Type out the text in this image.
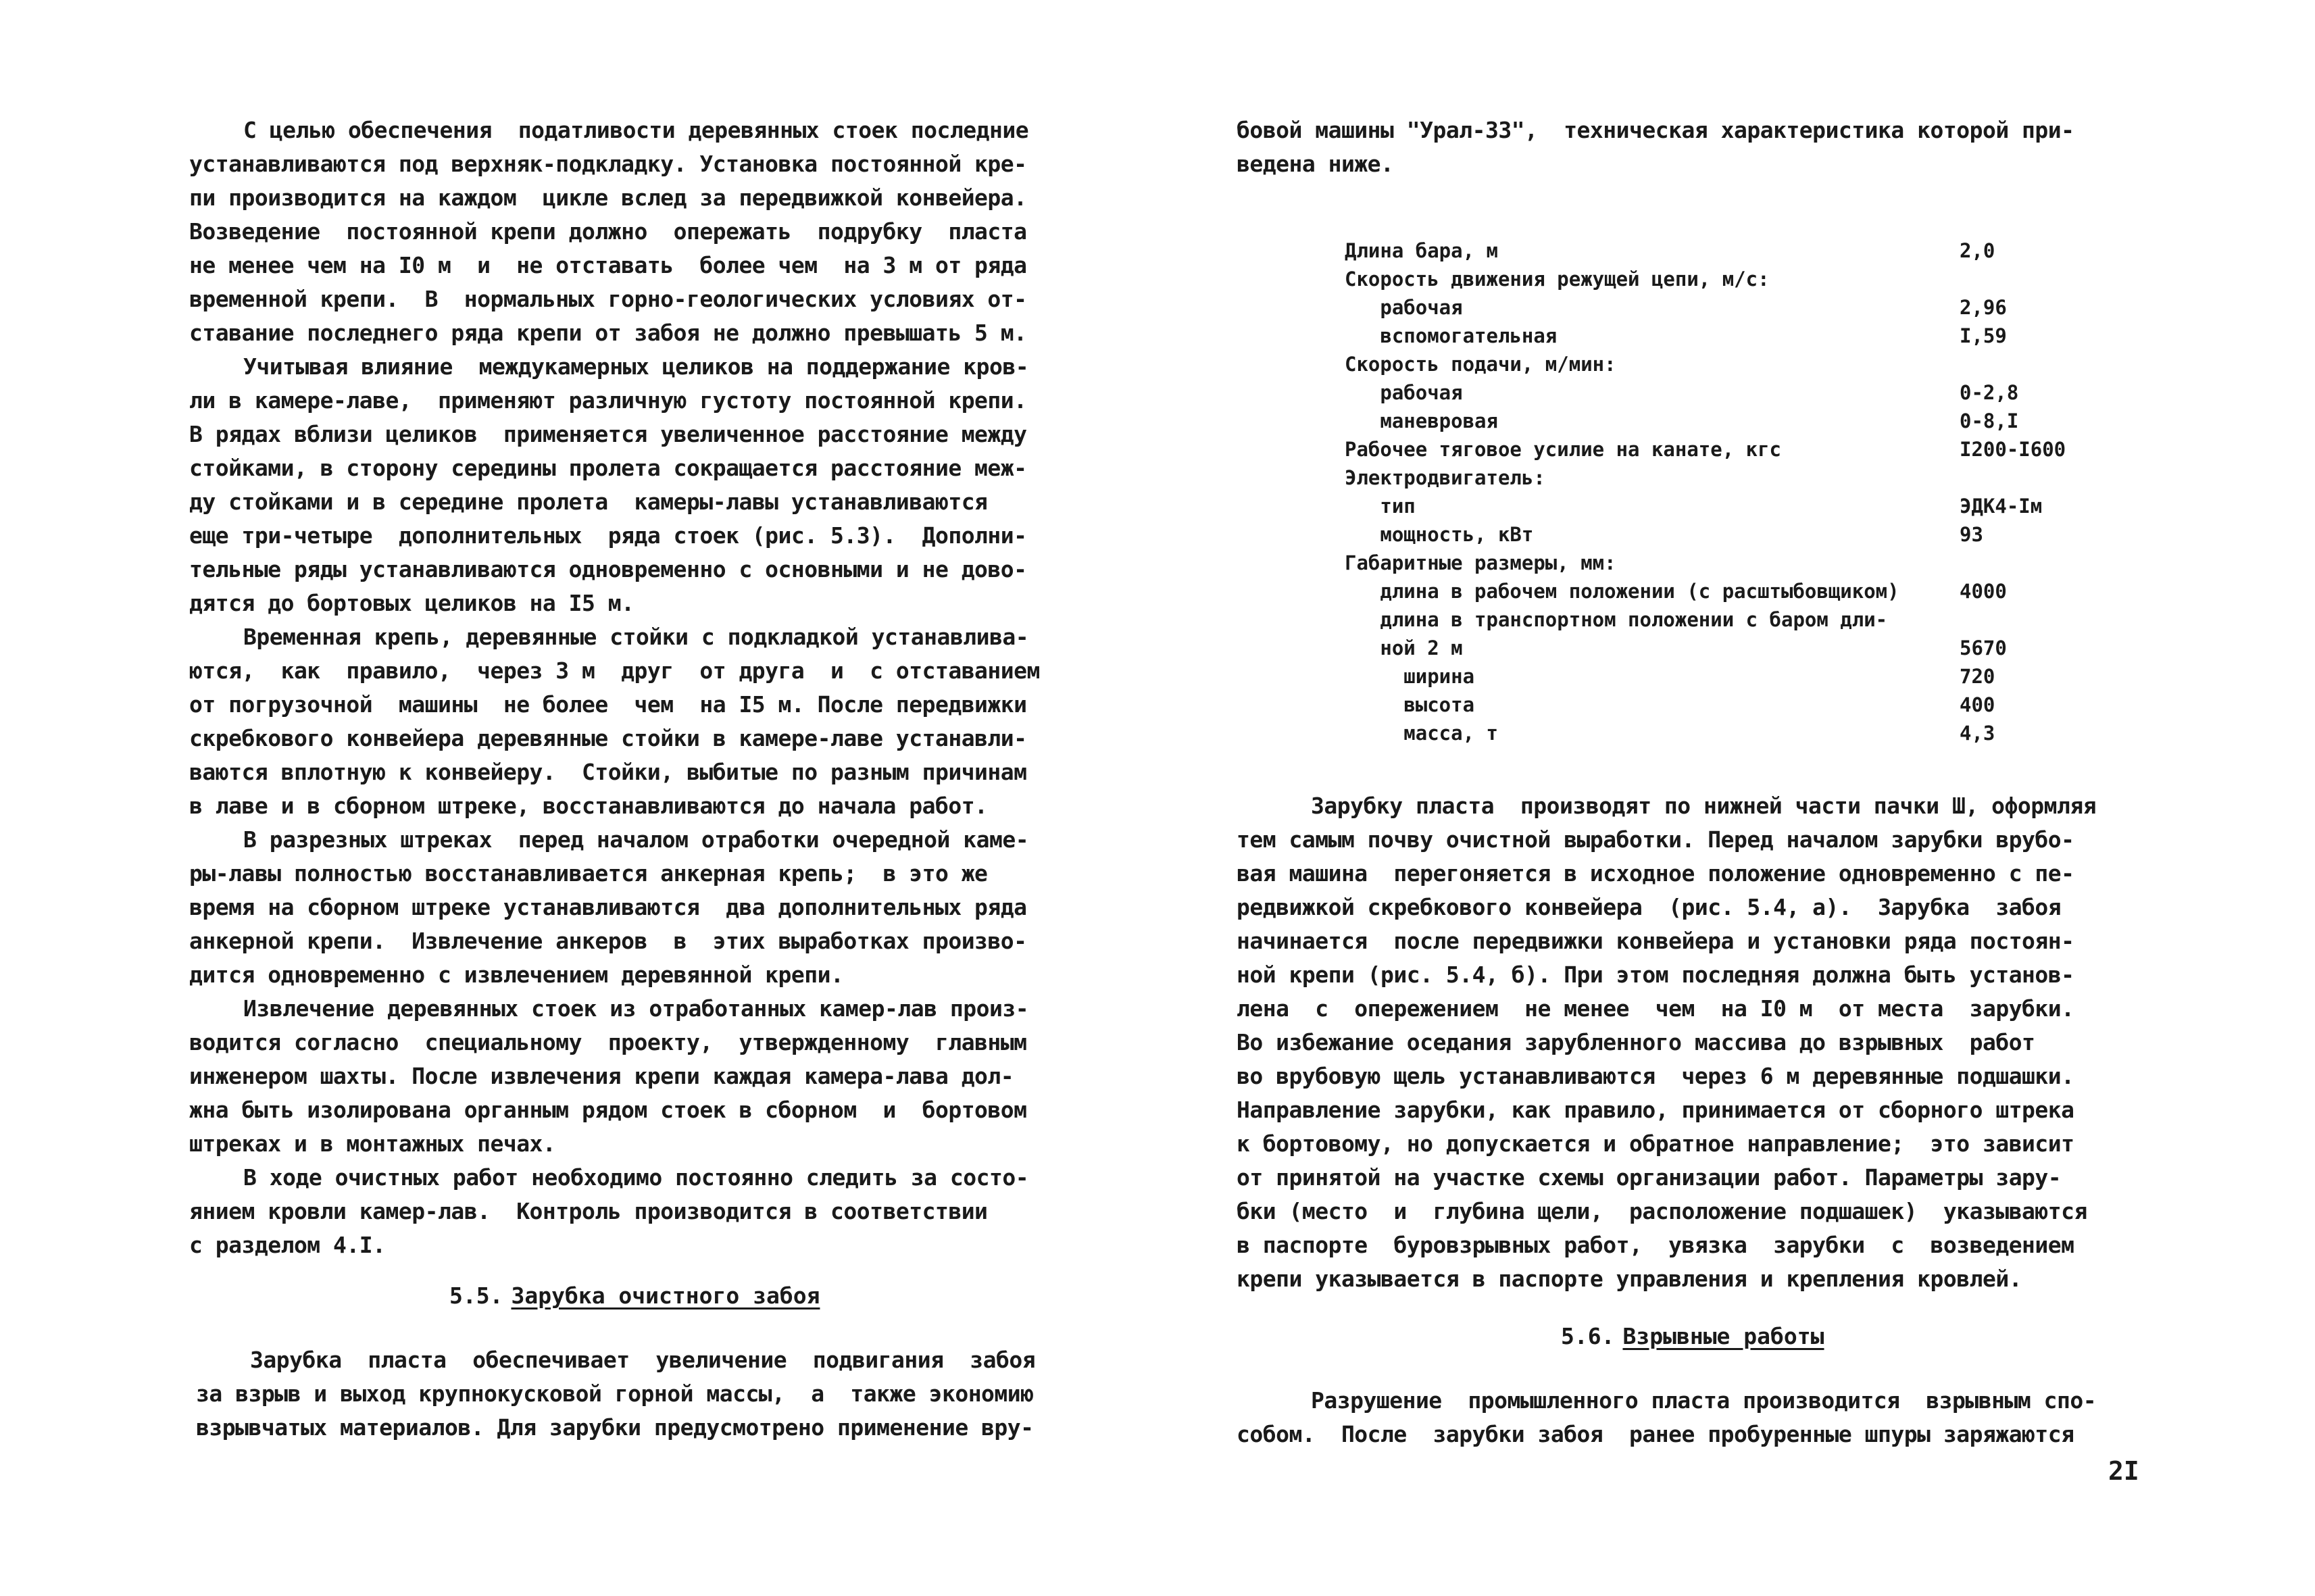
С целью обеспечения  податливости деревянных стоек последние
устанавливаются под верхняк-подкладку. Установка постоянной кре-
пи производится на каждом  цикле вслед за передвижкой конвейера.
Возведение  постоянной крепи должно  опережать  подрубку  пласта
не менее чем на I0 м  и  не отставать  более чем  на 3 м от ряда
временной крепи.  В  нормальных горно-геологических условиях от-
ставание последнего ряда крепи от забоя не должно превышать 5 м.
Учитывая влияние  междукамерных целиков на поддержание кров-
ли в камере-лаве,  применяют различную густоту постоянной крепи.
В рядах вблизи целиков  применяется увеличенное расстояние между
стойками, в сторону середины пролета сокращается расстояние меж-
ду стойками и в середине пролета  камеры-лавы устанавливаются
еще три-четыре  дополнительных  ряда стоек (рис. 5.3).  Дополни-
тельные ряды устанавливаются одновременно с основными и не дово-
дятся до бортовых целиков на I5 м.
Временная крепь, деревянные стойки с подкладкой устанавлива-
ются,  как  правило,  через 3 м  друг  от друга  и  с отставанием
от погрузочной  машины  не более  чем  на I5 м. После передвижки
скребкового конвейера деревянные стойки в камере-лаве устанавли-
ваются вплотную к конвейеру.  Стойки, выбитые по разным причинам
в лаве и в сборном штреке, восстанавливаются до начала работ.
В разрезных штреках  перед началом отработки очередной каме-
ры-лавы полностью восстанавливается анкерная крепь;  в это же
время на сборном штреке устанавливаются  два дополнительных ряда
анкерной крепи.  Извлечение анкеров  в  этих выработках произво-
дится одновременно с извлечением деревянной крепи.
Извлечение деревянных стоек из отработанных камер-лав произ-
водится согласно  специальному  проекту,  утвержденному  главным
инженером шахты. После извлечения крепи каждая камера-лава дол-
жна быть изолирована органным рядом стоек в сборном  и  бортовом
штреках и в монтажных печах.
В ходе очистных работ необходимо постоянно следить за состо-
янием кровли камер-лав.  Контроль производится в соответствии
с разделом 4.I.
5.5. Зарубка очистного забоя
Зарубка  пласта  обеспечивает  увеличение  подвигания  забоя
за взрыв и выход крупнокусковой горной массы,  а  также экономию
взрывчатых материалов. Для зарубки предусмотрено применение вру-
Длина бара, м	2,0
Скорость движения режущей цепи, м/с:
рабочая	2,96
вспомогательная	I,59
Скорость подачи, м/мин:
рабочая	0-2,8
маневровая	0-8,I
Рабочее тяговое усилие на канате, кгс	I200-I600
Электродвигатель:
тип	ЭДК4-Iм
мощность, кВт	93
Габаритные размеры, мм:
длина в рабочем положении (с расштыбовщиком)	4000
длина в транспортном положении с баром дли-
ной 2 м	5670
ширина	720
высота	400
масса, т	4,3
бовой машины "Урал-33",  техническая характеристика которой при-
ведена ниже.
Зарубку пласта  производят по нижней части пачки Ш, оформляя
тем самым почву очистной выработки. Перед началом зарубки врубо-
вая машина  перегоняется в исходное положение одновременно с пе-
редвижкой скребкового конвейера  (рис. 5.4, а).  Зарубка  забоя
начинается  после передвижки конвейера и установки ряда постоян-
ной крепи (рис. 5.4, б). При этом последняя должна быть установ-
лена  с  опережением  не менее  чем  на I0 м  от места  зарубки.
Во избежание оседания зарубленного массива до взрывных  работ
во врубовую щель устанавливаются  через 6 м деревянные подшашки.
Направление зарубки, как правило, принимается от сборного штрека
к бортовому, но допускается и обратное направление;  это зависит
от принятой на участке схемы организации работ. Параметры зару-
бки (место  и  глубина щели,  расположение подшашек)  указываются
в паспорте  буровзрывных работ,  увязка  зарубки  с  возведением
крепи указывается в паспорте управления и крепления кровлей.
5.6. Взрывные работы
Разрушение  промышленного пласта производится  взрывным спо-
собом.  После  зарубки забоя  ранее пробуренные шпуры заряжаются
2I
